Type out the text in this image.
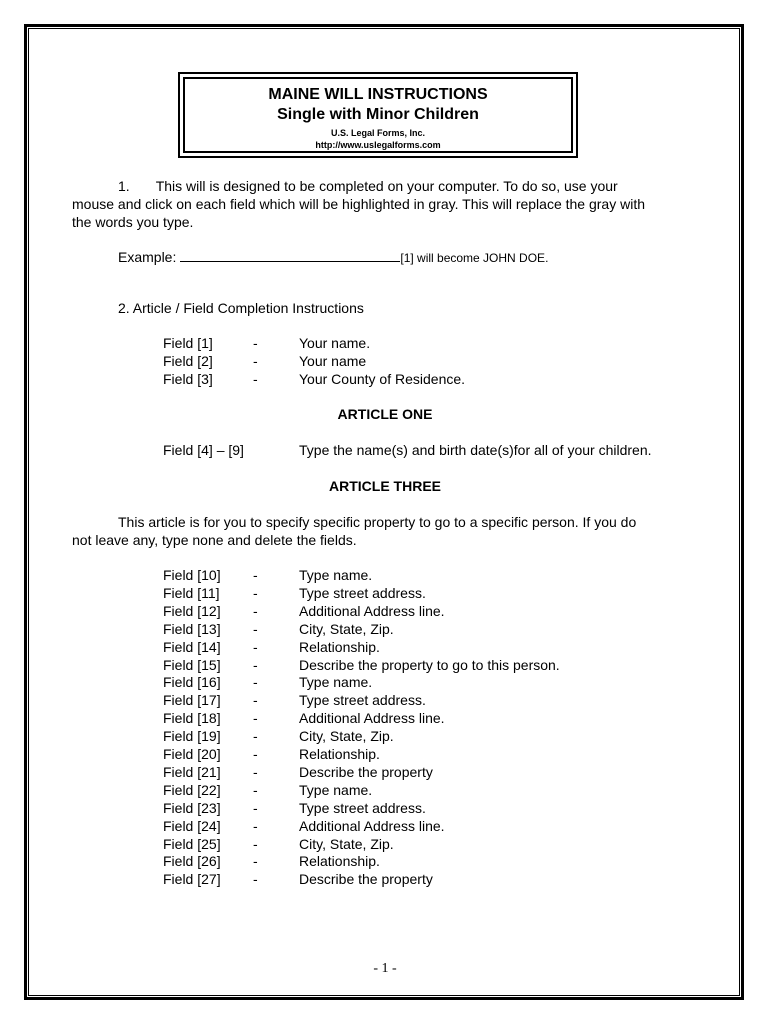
MAINE WILL INSTRUCTIONS
Single with Minor Children
U.S. Legal Forms, Inc.
http://www.uslegalforms.com
1. This will is designed to be completed on your computer. To do so, use your
mouse and click on each field which will be highlighted in gray. This will replace the gray with
the words you type.
Example:	[1] will become JOHN DOE.
2. Article / Field Completion Instructions
Field [1]	-	Your name.
Field [2]	-	Your name
Field [3]	-	Your County of Residence.
ARTICLE ONE
Field [4] – [9]	Type the name(s) and birth date(s)for all of your children.
ARTICLE THREE
This article is for you to specify specific property to go to a specific person. If you do
not leave any, type none and delete the fields.
Field [10] -	Type name.
Field [11] -	Type street address.
Field [12] -	Additional Address line.
Field [13] -	City, State, Zip.
Field [14] -	Relationship.
Field [15] -	Describe the property to go to this person.
Field [16] -	Type name.
Field [17] -	Type street address.
Field [18] -	Additional Address line.
Field [19] -	City, State, Zip.
Field [20] -	Relationship.
Field [21] -	Describe the property
Field [22] -	Type name.
Field [23] -	Type street address.
Field [24] -	Additional Address line.
Field [25] -	City, State, Zip.
Field [26] -	Relationship.
Field [27] -	Describe the property
- 1 -
